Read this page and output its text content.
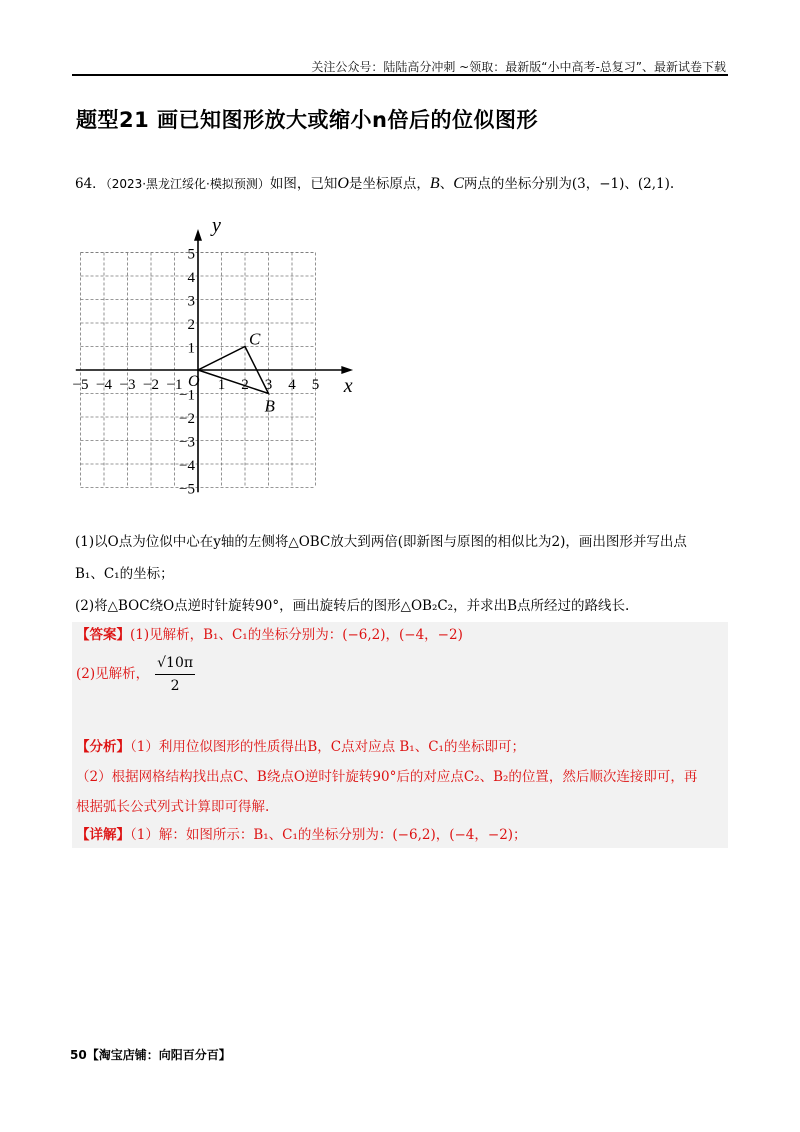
关注公众号：陆陆高分冲刺 ~领取：最新版“小中高考-总复习”、最新试卷下载
题型21 画已知图形放大或缩小n倍后的位似图形
64．（2023·黑龙江绥化·模拟预测）如图，已知O是坐标原点，B、C两点的坐标分别为(3，−1)、(2,1).
x
y
O
−5 −4 −3 −2 −1 1 2 3 4 5
5
4
3
2
1
−1
−2
−3
−4
−5
B
C
(1)以O点为位似中心在y轴的左侧将△OBC放大到两倍(即新图与原图的相似比为2)，画出图形并写出点
B₁、C₁的坐标；
(2)将△BOC绕O点逆时针旋转90°，画出旋转后的图形△OB₂C₂，并求出B点所经过的路线长.
【答案】(1)见解析，B₁、C₁的坐标分别为：(−6,2)，(−4，−2)
(2)见解析， $\frac{√10\pi}{2}$
【分析】（1）利用位似图形的性质得出B，C点对应点 B₁、C₁的坐标即可；
（2）根据网格结构找出点C、B绕点O逆时针旋转90°后的对应点C₂、B₂的位置，然后顺次连接即可，再
根据弧长公式列式计算即可得解.
【详解】（1）解：如图所示：B₁、C₁的坐标分别为：(−6,2)，(−4，−2)；
50【淘宝店铺：向阳百分百】
